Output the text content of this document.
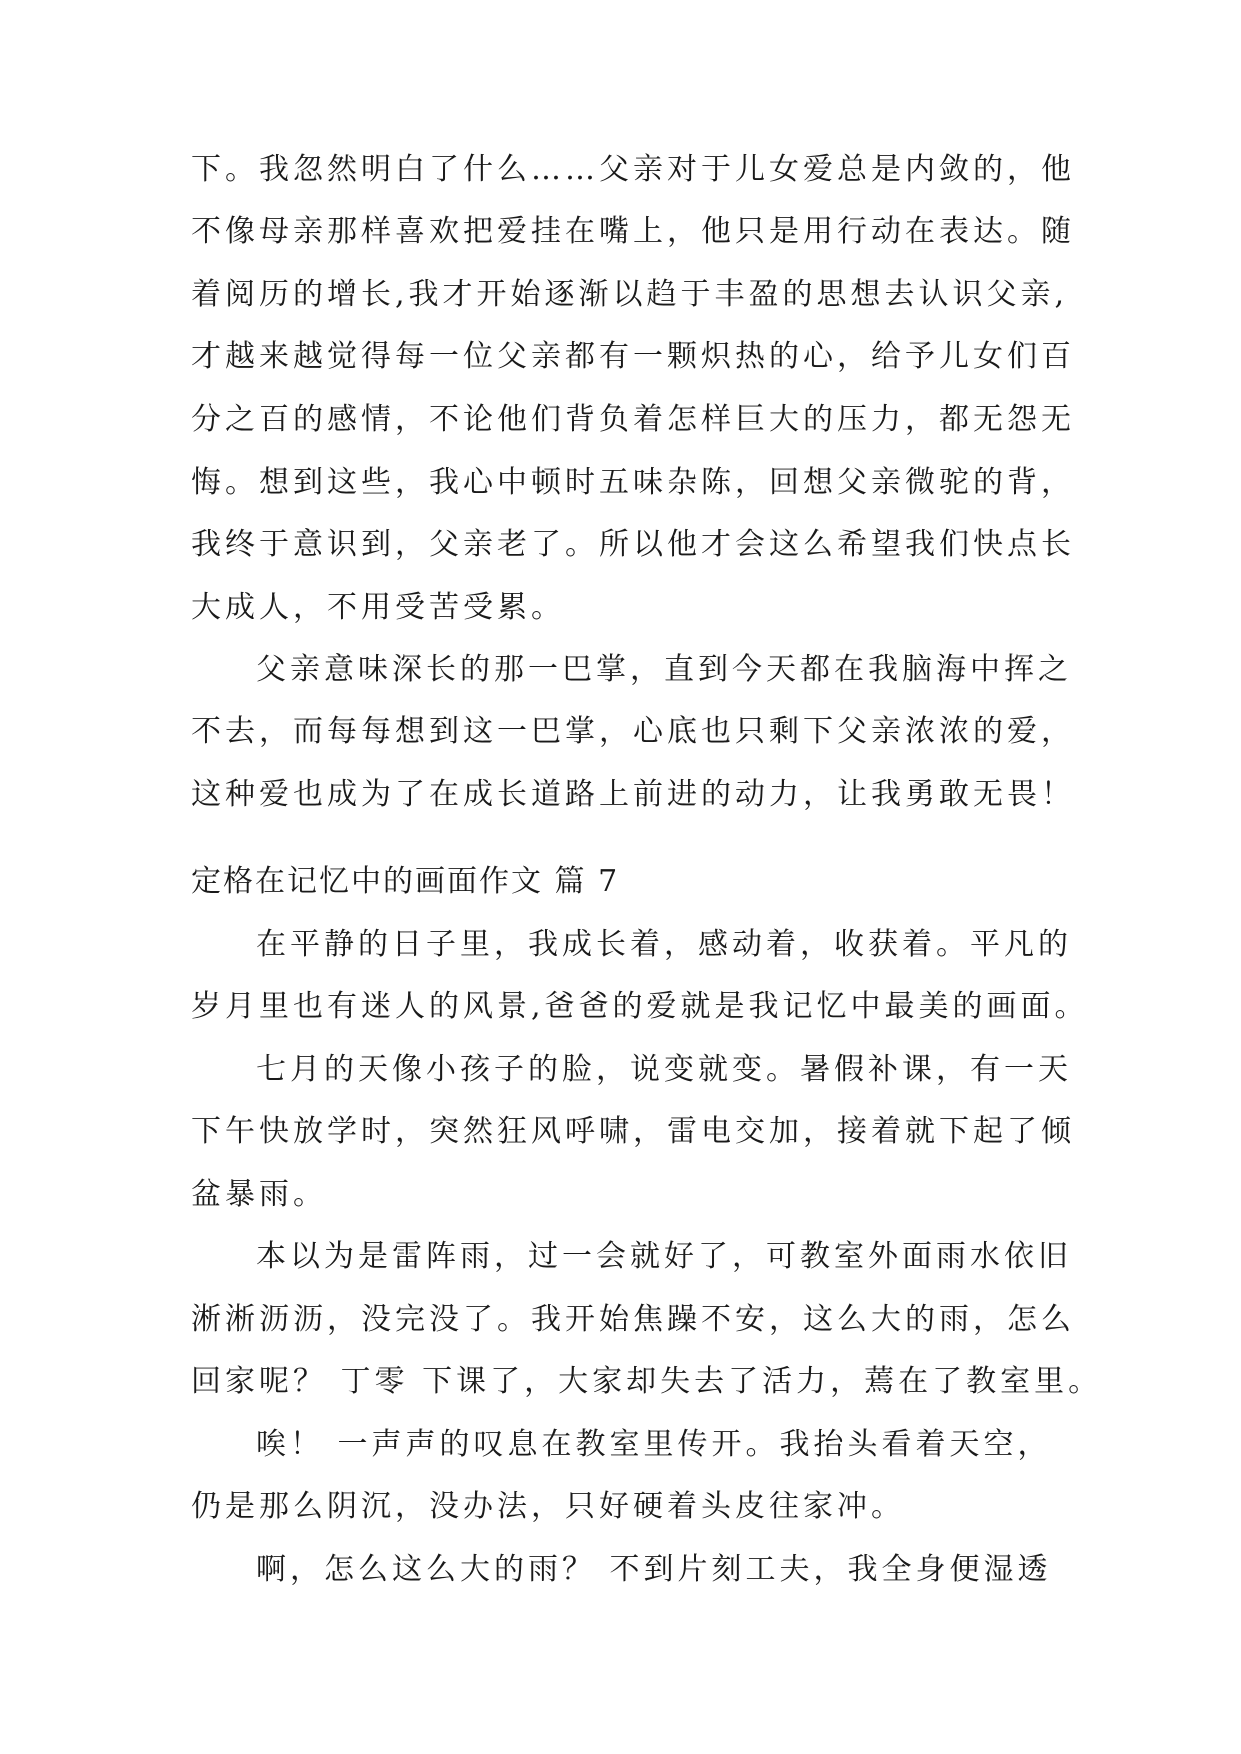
下。我忽然明白了什么……父亲对于儿女爱总是内敛的，他
不像母亲那样喜欢把爱挂在嘴上，他只是用行动在表达。随
着阅历的增长,我才开始逐渐以趋于丰盈的思想去认识父亲,
才越来越觉得每一位父亲都有一颗炽热的心，给予儿女们百
分之百的感情，不论他们背负着怎样巨大的压力，都无怨无
悔。想到这些，我心中顿时五味杂陈，回想父亲微驼的背，
我终于意识到，父亲老了。所以他才会这么希望我们快点长
大成人，不用受苦受累。
父亲意味深长的那一巴掌，直到今天都在我脑海中挥之
不去，而每每想到这一巴掌，心底也只剩下父亲浓浓的爱，
这种爱也成为了在成长道路上前进的动力，让我勇敢无畏！
定格在记忆中的画面作文 篇 7
在平静的日子里，我成长着，感动着，收获着。平凡的
岁月里也有迷人的风景,爸爸的爱就是我记忆中最美的画面。
七月的天像小孩子的脸，说变就变。暑假补课，有一天
下午快放学时，突然狂风呼啸，雷电交加，接着就下起了倾
盆暴雨。
本以为是雷阵雨，过一会就好了，可教室外面雨水依旧
淅淅沥沥，没完没了。我开始焦躁不安，这么大的雨，怎么
回家呢？ 丁零 下课了，大家却失去了活力，蔫在了教室里。
唉！ 一声声的叹息在教室里传开。我抬头看着天空，
仍是那么阴沉，没办法，只好硬着头皮往家冲。
啊，怎么这么大的雨？ 不到片刻工夫，我全身便湿透
